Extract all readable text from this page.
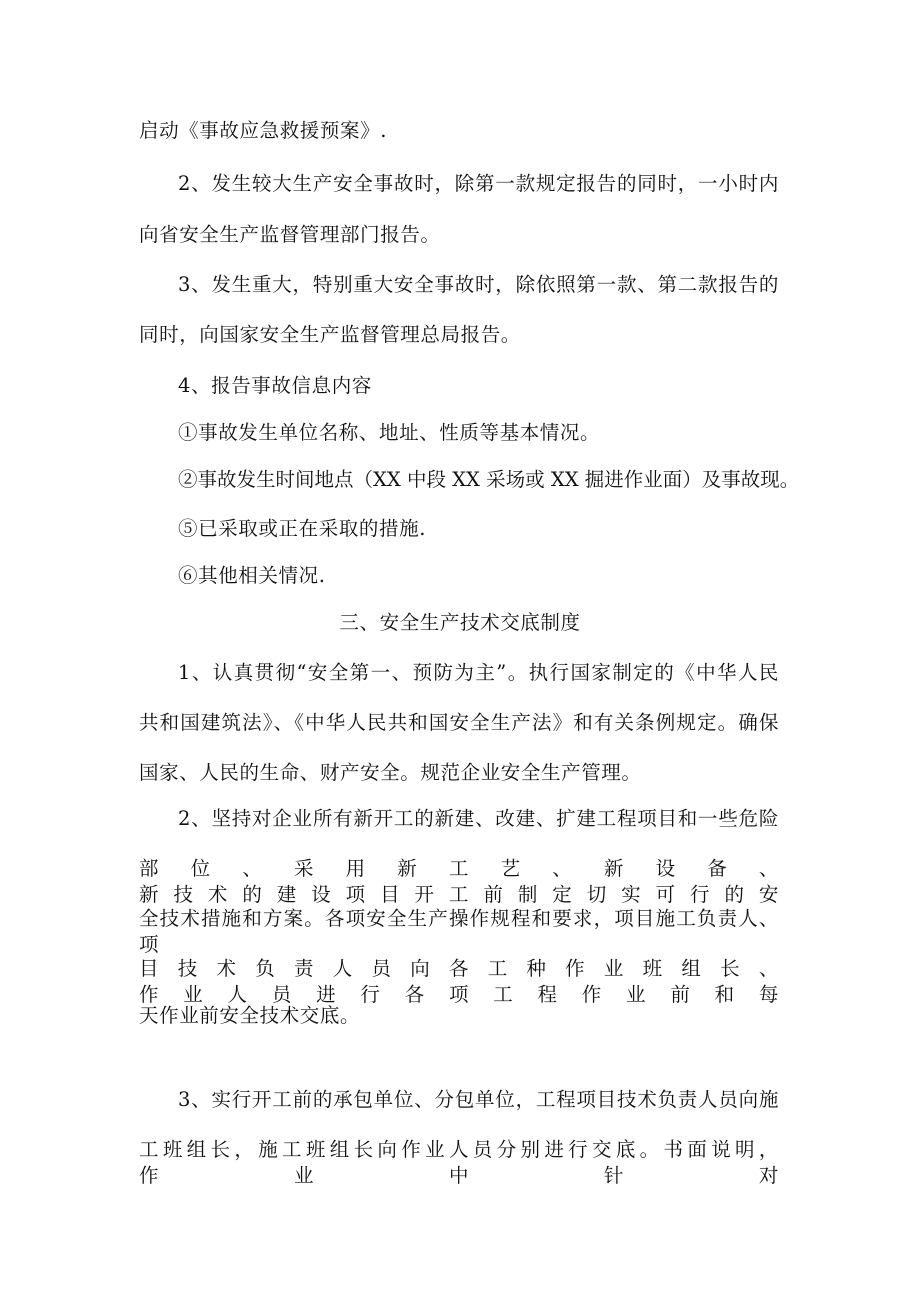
启动《事故应急救援预案》.
2、发生较大生产安全事故时，除第一款规定报告的同时，一小时内
向省安全生产监督管理部门报告。
3、发生重大，特别重大安全事故时，除依照第一款、第二款报告的
同时，向国家安全生产监督管理总局报告。
4、报告事故信息内容
①事故发生单位名称、地址、性质等基本情况。
②事故发生时间地点（XX 中段 XX 采场或 XX 掘进作业面）及事故现。
⑤已采取或正在采取的措施.
⑥其他相关情况.
三、安全生产技术交底制度
1、认真贯彻“安全第一、预防为主”。执行国家制定的《中华人民
共和国建筑法》、《中华人民共和国安全生产法》和有关条例规定。确保
国家、人民的生命、财产安全。规范企业安全生产管理。
2、坚持对企业所有新开工的新建、改建、扩建工程项目和一些危险
部位、采用新工艺、新设备、新技术的建设项目开工前制定切实可行的安
全技术措施和方案。各项安全生产操作规程和要求，项目施工负责人、项
目技术负责人员向各工种作业班组长、作业人员进行各项工程作业前和每
天作业前安全技术交底。
3、实行开工前的承包单位、分包单位，工程项目技术负责人员向施
工班组长，施工班组长向作业人员分别进行交底。书面说明，作业中针对
